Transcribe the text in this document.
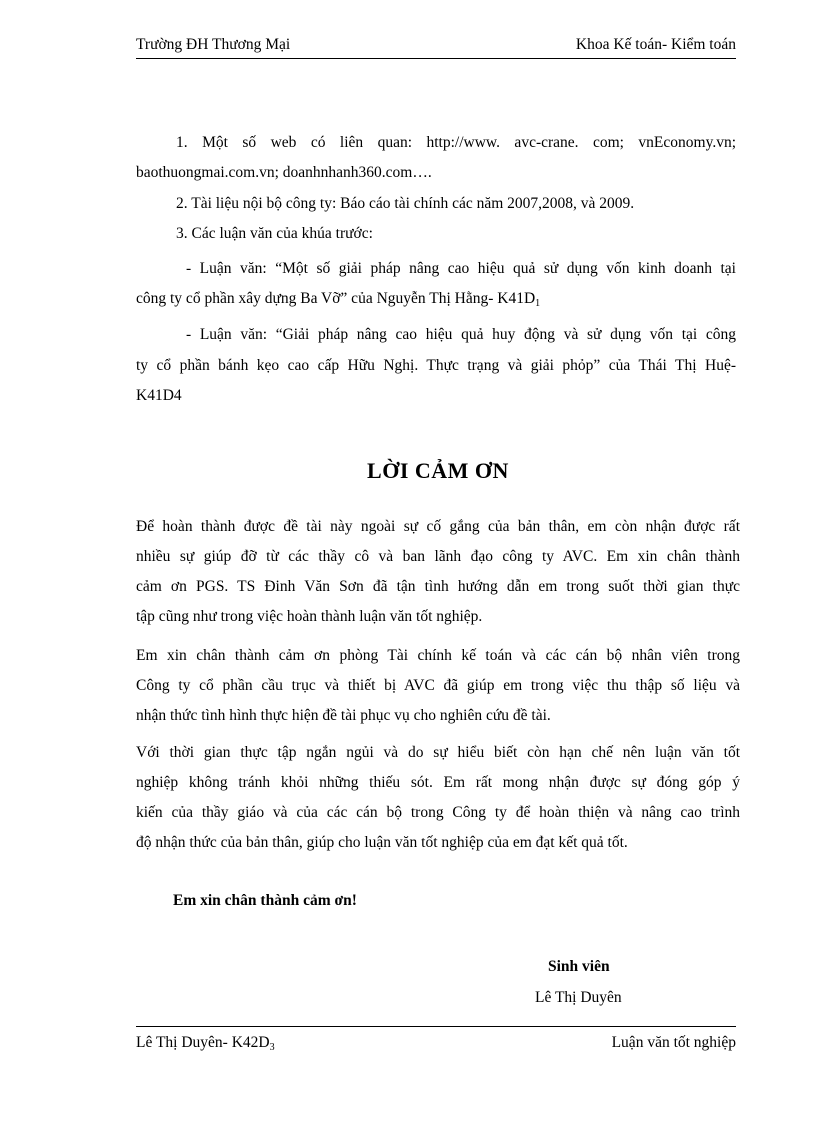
Trường ĐH Thương Mại	Khoa Kế toán- Kiểm toán
1. Một số web có liên quan: http://www. avc-crane. com; vnEconomy.vn;
baothuongmai.com.vn; doanhnhanh360.com….
2. Tài liệu nội bộ công ty: Báo cáo tài chính các năm 2007,2008, và 2009.
3. Các luận văn của khúa trước:
- Luận văn: “Một số giải pháp nâng cao hiệu quả sử dụng vốn kinh doanh tại
công ty cổ phần xây dựng Ba Vỡ” của Nguyễn Thị Hằng- $K41D_1$
- Luận văn: “Giải pháp nâng cao hiệu quả huy động và sử dụng vốn tại công
ty cổ phần bánh kẹo cao cấp Hữu Nghị. Thực trạng và giải phỏp” của Thái Thị Huệ-
K41D4
LỜI CẢM ƠN
Để hoàn thành được đề tài này ngoài sự cố gắng của bản thân, em còn nhận được rất
nhiều sự giúp đỡ từ các thầy cô và ban lãnh đạo công ty AVC. Em xin chân thành
cảm ơn PGS. TS Đinh Văn Sơn đã tận tình hướng dẫn em trong suốt thời gian thực
tập cũng như trong việc hoàn thành luận văn tốt nghiệp.
Em xin chân thành cảm ơn phòng Tài chính kế toán và các cán bộ nhân viên trong
Công ty cổ phần cầu trục và thiết bị AVC đã giúp em trong việc thu thập số liệu và
nhận thức tình hình thực hiện đề tài phục vụ cho nghiên cứu đề tài.
Với thời gian thực tập ngắn ngủi và do sự hiểu biết còn hạn chế nên luận văn tốt
nghiệp không tránh khỏi những thiếu sót. Em rất mong nhận được sự đóng góp ý
kiến của thầy giáo và của các cán bộ trong Công ty để hoàn thiện và nâng cao trình
độ nhận thức của bản thân, giúp cho luận văn tốt nghiệp của em đạt kết quả tốt.
Em xin chân thành cảm ơn!
Sinh viên
Lê Thị Duyên
Lê Thị Duyên- $K42D_3$	Luận văn tốt nghiệp
